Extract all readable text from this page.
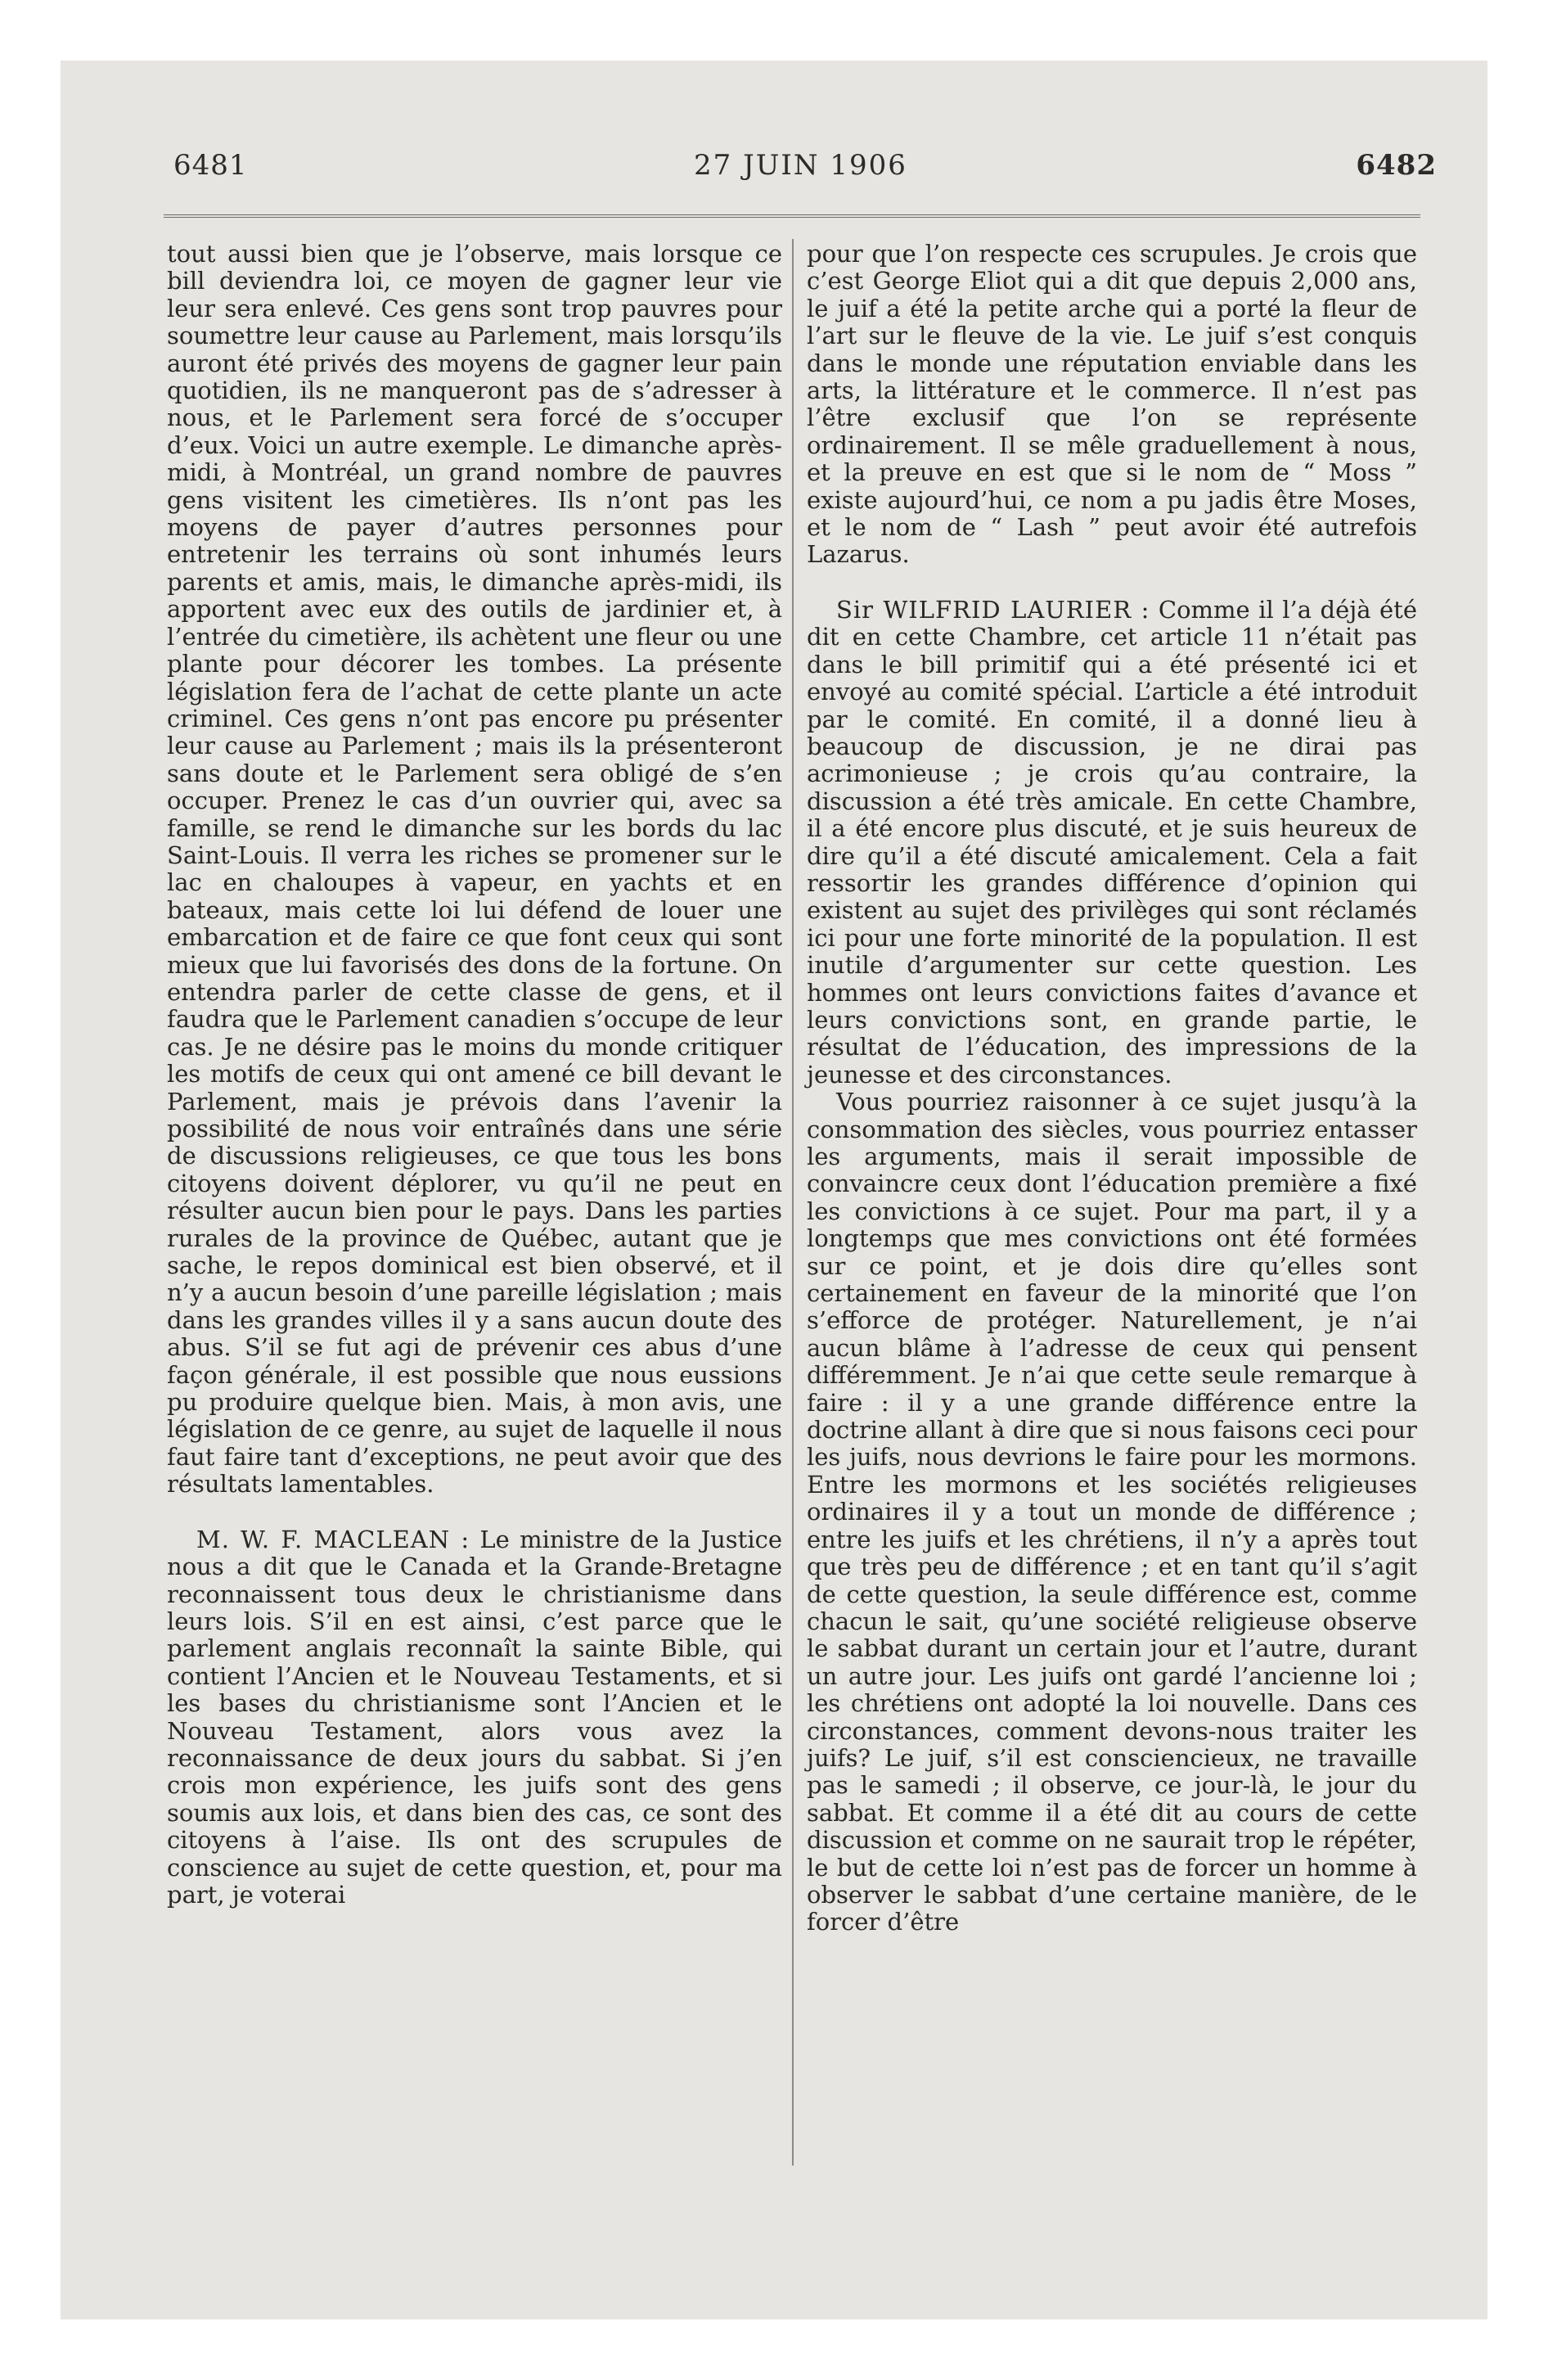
6481	27 JUIN 1906	6482

tout aussi bien que je l’observe, mais lorsque ce bill deviendra loi, ce moyen de gagner leur vie leur sera enlevé. Ces gens sont trop pauvres pour soumettre leur cause au Parlement, mais lorsqu’ils auront été privés des moyens de gagner leur pain quotidien, ils ne manqueront pas de s’adresser à nous, et le Parlement sera forcé de s’occuper d’eux. Voici un autre exemple. Le dimanche après-midi, à Montréal, un grand nombre de pauvres gens visitent les cimetières. Ils n’ont pas les moyens de payer d’autres personnes pour entretenir les terrains où sont inhumés leurs parents et amis, mais, le dimanche après-midi, ils apportent avec eux des outils de jardinier et, à l’entrée du cimetière, ils achètent une fleur ou une plante pour décorer les tombes. La présente législation fera de l’achat de cette plante un acte criminel. Ces gens n’ont pas encore pu présenter leur cause au Parlement ; mais ils la présenteront sans doute et le Parlement sera obligé de s’en occuper. Prenez le cas d’un ouvrier qui, avec sa famille, se rend le dimanche sur les bords du lac Saint-Louis. Il verra les riches se promener sur le lac en chaloupes à vapeur, en yachts et en bateaux, mais cette loi lui défend de louer une embarcation et de faire ce que font ceux qui sont mieux que lui favorisés des dons de la fortune. On entendra parler de cette classe de gens, et il faudra que le Parlement canadien s’occupe de leur cas. Je ne désire pas le moins du monde critiquer les motifs de ceux qui ont amené ce bill devant le Parlement, mais je prévois dans l’avenir la possibilité de nous voir entraînés dans une série de discussions religieuses, ce que tous les bons citoyens doivent déplorer, vu qu’il ne peut en résulter aucun bien pour le pays. Dans les parties rurales de la province de Québec, autant que je sache, le repos dominical est bien observé, et il n’y a aucun besoin d’une pareille législation ; mais dans les grandes villes il y a sans aucun doute des abus. S’il se fut agi de prévenir ces abus d’une façon générale, il est possible que nous eussions pu produire quelque bien. Mais, à mon avis, une législation de ce genre, au sujet de laquelle il nous faut faire tant d’exceptions, ne peut avoir que des résultats lamentables.

M. W. F. MACLEAN : Le ministre de la Justice nous a dit que le Canada et la Grande-Bretagne reconnaissent tous deux le christianisme dans leurs lois. S’il en est ainsi, c’est parce que le parlement anglais reconnaît la sainte Bible, qui contient l’Ancien et le Nouveau Testaments, et si les bases du christianisme sont l’Ancien et le Nouveau Testament, alors vous avez la reconnaissance de deux jours du sabbat. Si j’en crois mon expérience, les juifs sont des gens soumis aux lois, et dans bien des cas, ce sont des citoyens à l’aise. Ils ont des scrupules de conscience au sujet de cette question, et, pour ma part, je voterai

pour que l’on respecte ces scrupules. Je crois que c’est George Eliot qui a dit que depuis 2,000 ans, le juif a été la petite arche qui a porté la fleur de l’art sur le fleuve de la vie. Le juif s’est conquis dans le monde une réputation enviable dans les arts, la littérature et le commerce. Il n’est pas l’être exclusif que l’on se représente ordinairement. Il se mêle graduellement à nous, et la preuve en est que si le nom de “ Moss ” existe aujourd’hui, ce nom a pu jadis être Moses, et le nom de “ Lash ” peut avoir été autrefois Lazarus.

Sir WILFRID LAURIER : Comme il l’a déjà été dit en cette Chambre, cet article 11 n’était pas dans le bill primitif qui a été présenté ici et envoyé au comité spécial. L’article a été introduit par le comité. En comité, il a donné lieu à beaucoup de discussion, je ne dirai pas acrimonieuse ; je crois qu’au contraire, la discussion a été très amicale. En cette Chambre, il a été encore plus discuté, et je suis heureux de dire qu’il a été discuté amicalement. Cela a fait ressortir les grandes différence d’opinion qui existent au sujet des privilèges qui sont réclamés ici pour une forte minorité de la population. Il est inutile d’argumenter sur cette question. Les hommes ont leurs convictions faites d’avance et leurs convictions sont, en grande partie, le résultat de l’éducation, des impressions de la jeunesse et des circonstances.

Vous pourriez raisonner à ce sujet jusqu’à la consommation des siècles, vous pourriez entasser les arguments, mais il serait impossible de convaincre ceux dont l’éducation première a fixé les convictions à ce sujet. Pour ma part, il y a longtemps que mes convictions ont été formées sur ce point, et je dois dire qu’elles sont certainement en faveur de la minorité que l’on s’efforce de protéger. Naturellement, je n’ai aucun blâme à l’adresse de ceux qui pensent différemment. Je n’ai que cette seule remarque à faire : il y a une grande différence entre la doctrine allant à dire que si nous faisons ceci pour les juifs, nous devrions le faire pour les mormons. Entre les mormons et les sociétés religieuses ordinaires il y a tout un monde de différence ; entre les juifs et les chrétiens, il n’y a après tout que très peu de différence ; et en tant qu’il s’agit de cette question, la seule différence est, comme chacun le sait, qu’une société religieuse observe le sabbat durant un certain jour et l’autre, durant un autre jour. Les juifs ont gardé l’ancienne loi ; les chrétiens ont adopté la loi nouvelle. Dans ces circonstances, comment devons-nous traiter les juifs? Le juif, s’il est consciencieux, ne travaille pas le samedi ; il observe, ce jour-là, le jour du sabbat. Et comme il a été dit au cours de cette discussion et comme on ne saurait trop le répéter, le but de cette loi n’est pas de forcer un homme à observer le sabbat d’une certaine manière, de le forcer d’être
